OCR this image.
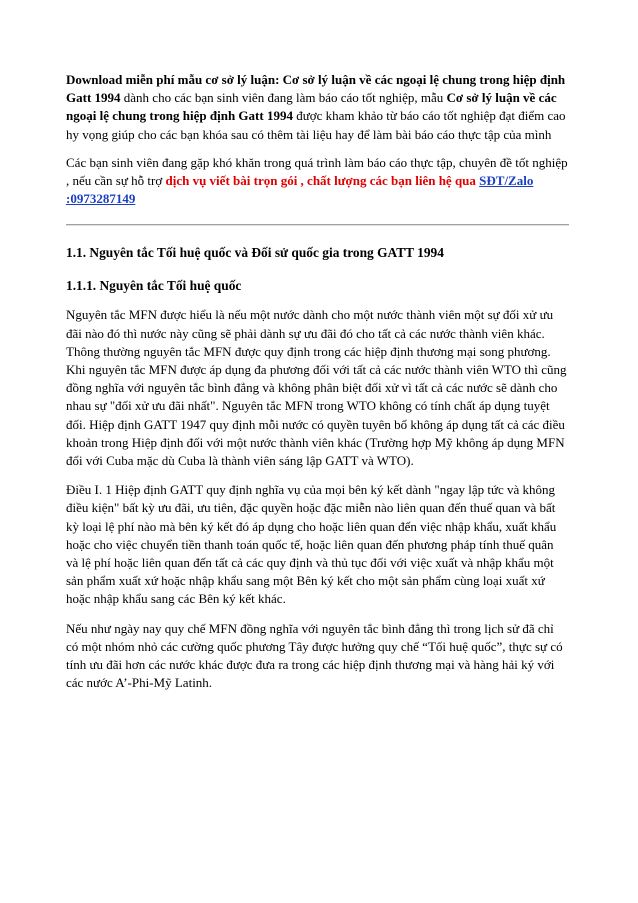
Download miễn phí mẫu cơ sở lý luận: Cơ sở lý luận về các ngoại lệ chung trong hiệp định Gatt 1994 dành cho các bạn sinh viên đang làm báo cáo tốt nghiệp, mẫu Cơ sở lý luận về các ngoại lệ chung trong hiệp định Gatt 1994 được kham khảo từ báo cáo tốt nghiệp đạt điểm cao hy vọng giúp cho các bạn khóa sau có thêm tài liệu hay để làm bài báo cáo thực tập của mình

Các bạn sinh viên đang gặp khó khăn trong quá trình làm báo cáo thực tập, chuyên đề tốt nghiệp , nếu cần sự hỗ trợ dịch vụ viết bài trọn gói , chất lượng các bạn liên hệ qua SĐT/Zalo :0973287149

1.1. Nguyên tắc Tối huệ quốc và Đối sử quốc gia trong GATT 1994
1.1.1. Nguyên tắc Tối huệ quốc

Nguyên tắc MFN được hiểu là nếu một nước dành cho một nước thành viên một sự đối xử ưu đãi nào đó thì nước này cũng sẽ phải dành sự ưu đãi đó cho tất cả các nước thành viên khác. Thông thường nguyên tắc MFN được quy định trong các hiệp định thương mại song phương. Khi nguyên tắc MFN được áp dụng đa phương đối với tất cả các nước thành viên WTO thì cũng đồng nghĩa với nguyên tắc bình đẳng và không phân biệt đối xử vì tất cả các nước sẽ dành cho nhau sự "đối xử ưu đãi nhất". Nguyên tắc MFN trong WTO không có tính chất áp dụng tuyệt đối. Hiệp định GATT 1947 quy định mỗi nước có quyền tuyên bố không áp dụng tất cả các điều khoản trong Hiệp định đối với một nước thành viên khác (Trường hợp Mỹ không áp dụng MFN đối với Cuba mặc dù Cuba là thành viên sáng lập GATT và WTO).

Điều I. 1 Hiệp định GATT quy định nghĩa vụ của mọi bên ký kết dành "ngay lập tức và không điều kiện" bất kỳ ưu đãi, ưu tiên, đặc quyền hoặc đặc miễn nào liên quan đến thuế quan và bất kỳ loại lệ phí nào mà bên ký kết đó áp dụng cho hoặc liên quan đến việc nhập khẩu, xuất khẩu hoặc cho việc chuyển tiền thanh toán quốc tế, hoặc liên quan đến phương pháp tính thuế quân và lệ phí hoặc liên quan đến tất cả các quy định và thủ tục đối với việc xuất và nhập khẩu một sản phẩm xuất xứ hoặc nhập khẩu sang một Bên ký kết cho một sản phẩm cùng loại xuất xứ hoặc nhập khẩu sang các Bên ký kết khác.

Nếu như ngày nay quy chế MFN đồng nghĩa với nguyên tắc bình đẳng thì trong lịch sử đã chỉ có một nhóm nhỏ các cường quốc phương Tây được hưởng quy chế “Tối huệ quốc”, thực sự có tính ưu đãi hơn các nước khác được đưa ra trong các hiệp định thương mại và hàng hải ký với các nước A’-Phi-Mỹ Latinh.
